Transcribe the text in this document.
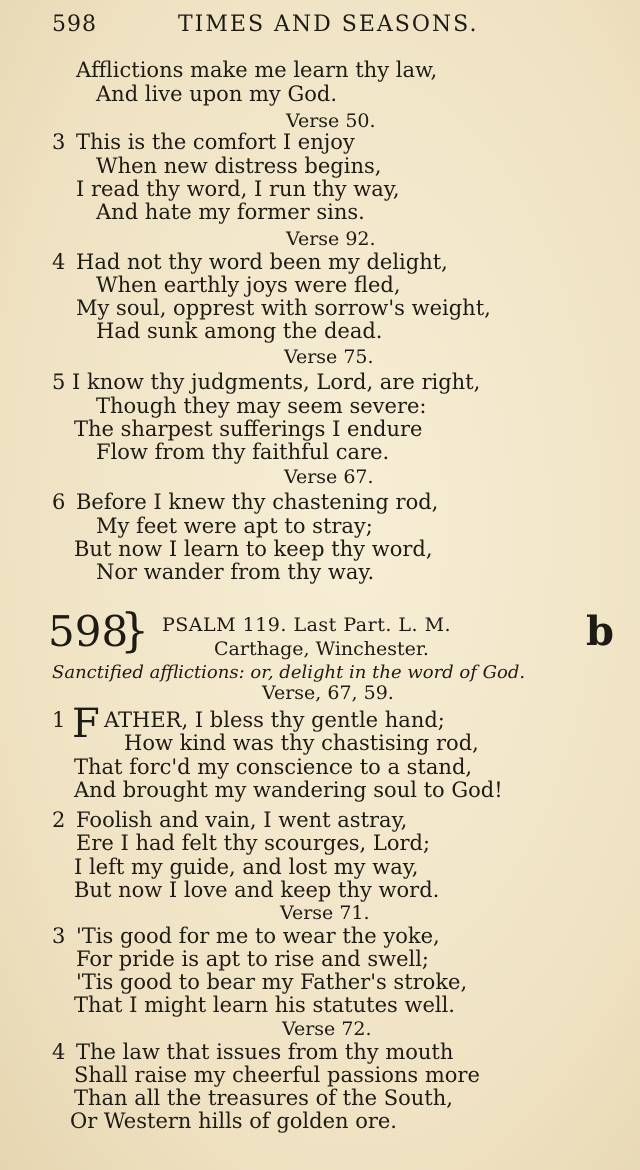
598	TIMES AND SEASONS.
Afflictions make me learn thy law,
And live upon my God.
Verse 50.
3 This is the comfort I enjoy
When new distress begins,
I read thy word, I run thy way,
And hate my former sins.
Verse 92.
4 Had not thy word been my delight,
When earthly joys were fled,
My soul, opprest with sorrow's weight,
Had sunk among the dead.
Verse 75.
5 I know thy judgments, Lord, are right,
Though they may seem severe:
The sharpest sufferings I endure
Flow from thy faithful care.
Verse 67.
6 Before I knew thy chastening rod,
My feet were apt to stray;
But now I learn to keep thy word,
Nor wander from thy way.
598
} PSALM 119. Last Part. L. M.
Carthage, Winchester.	b
Sanctified afflictions: or, delight in the word of God.
Verse, 67, 59.
1 F ATHER, I bless thy gentle hand;
How kind was thy chastising rod,
That forc'd my conscience to a stand,
And brought my wandering soul to God!
2 Foolish and vain, I went astray,
Ere I had felt thy scourges, Lord;
I left my guide, and lost my way,
But now I love and keep thy word.
Verse 71.
3 'Tis good for me to wear the yoke,
For pride is apt to rise and swell;
'Tis good to bear my Father's stroke,
That I might learn his statutes well.
Verse 72.
4 The law that issues from thy mouth
Shall raise my cheerful passions more
Than all the treasures of the South,
Or Western hills of golden ore.
